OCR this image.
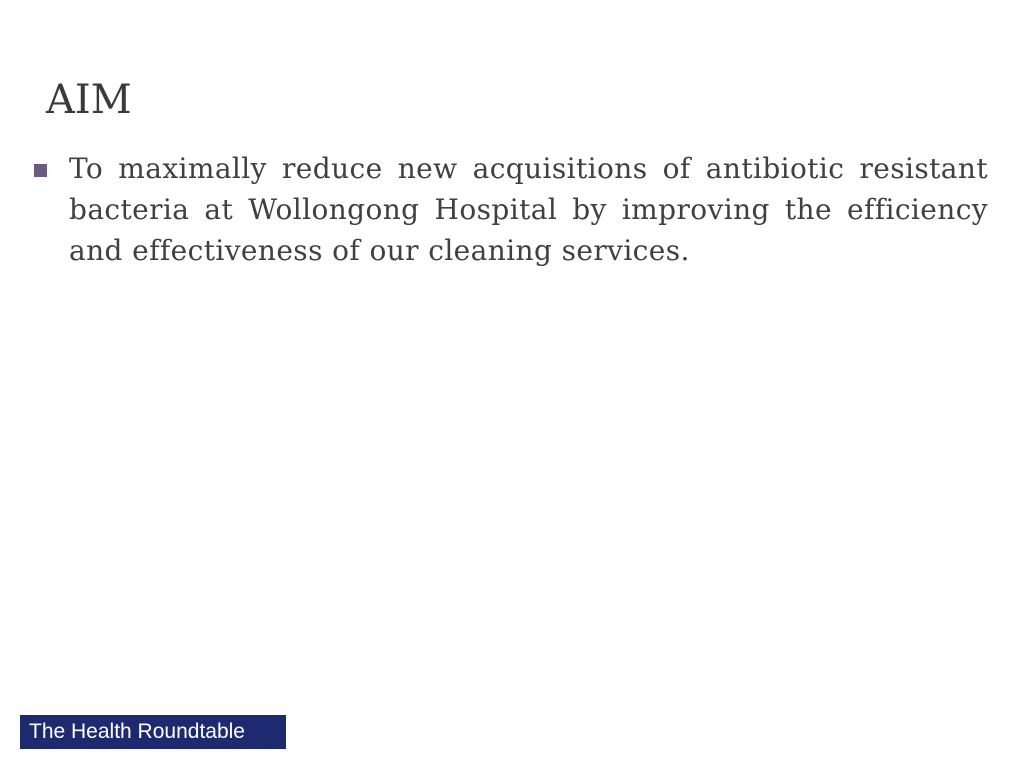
AIM
To maximally reduce new acquisitions of antibiotic resistant bacteria at Wollongong Hospital by improving the efficiency and effectiveness of our cleaning services.
The Health Roundtable
